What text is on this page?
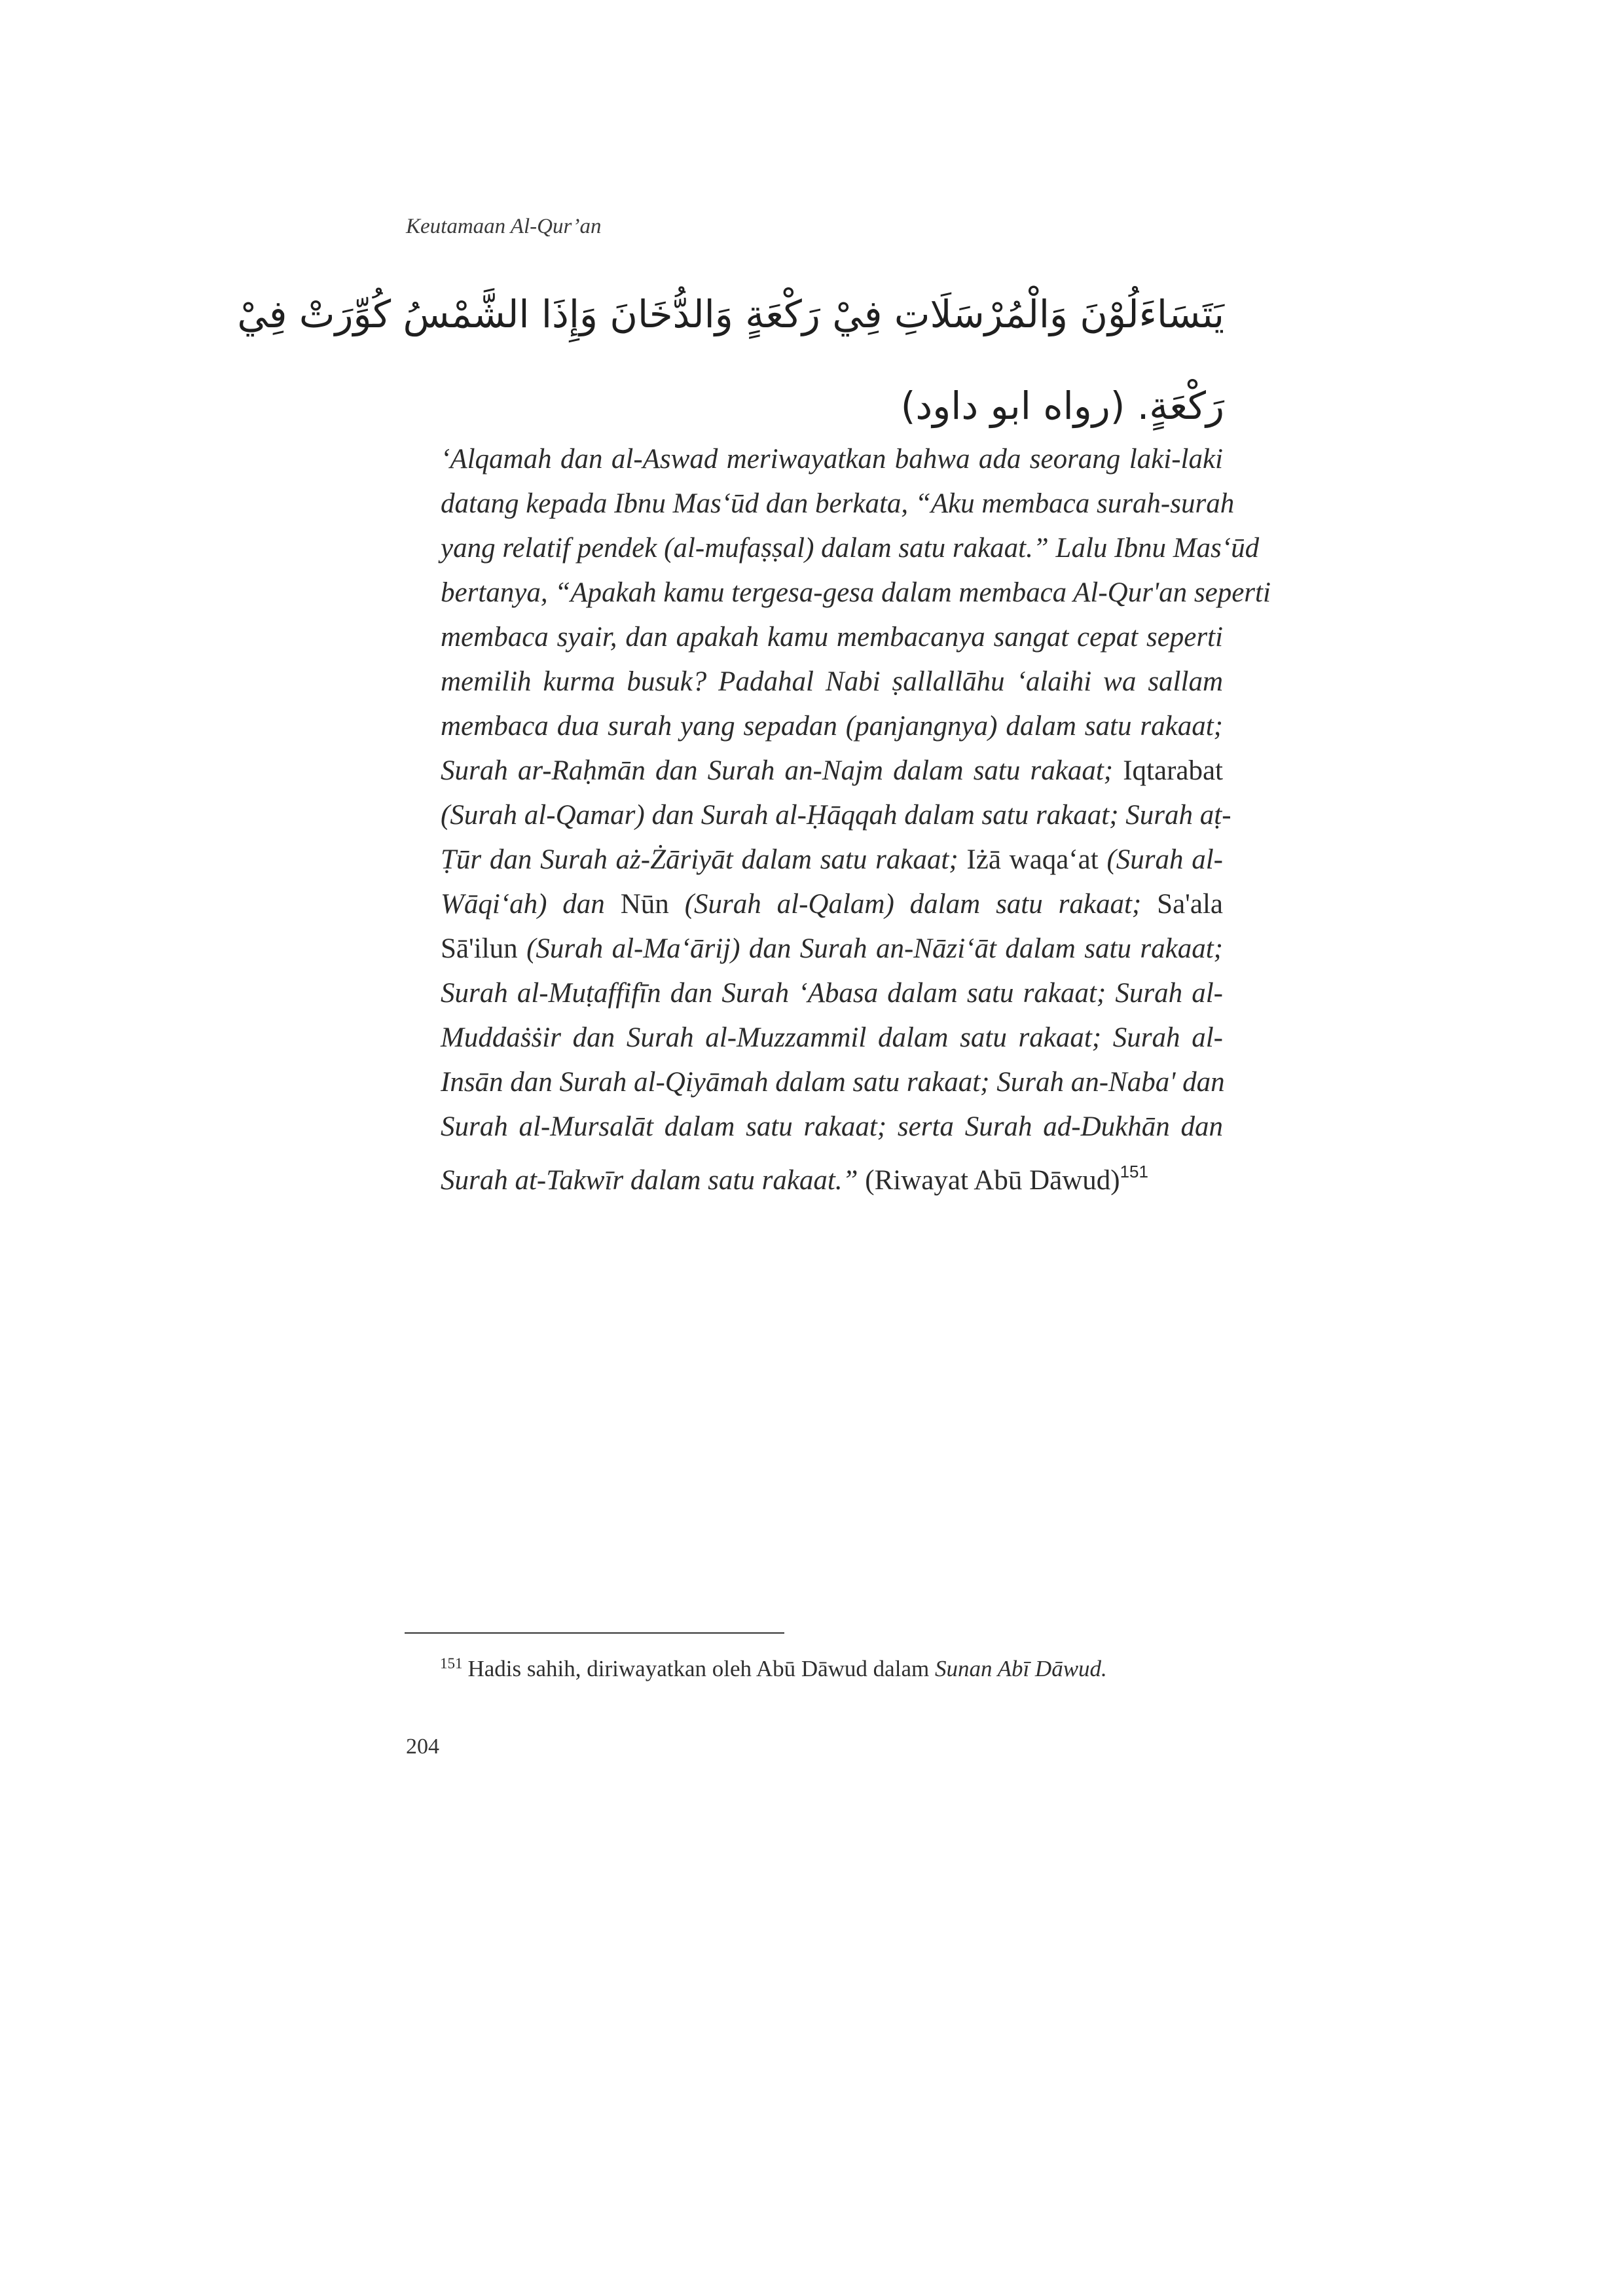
Keutamaan Al-Qur’an
يَتَسَاءَلُوْنَ وَالْمُرْسَلَاتِ فِيْ رَكْعَةٍ وَالدُّخَانَ وَإِذَا الشَّمْسُ كُوِّرَتْ فِيْ
رَكْعَةٍ. (رواه ابو داود)
‘Alqamah dan al-Aswad meriwayatkan bahwa ada seorang laki-laki
datang kepada Ibnu Mas‘ūd dan berkata, “Aku membaca surah-surah
yang relatif pendek (al-mufaṣṣal) dalam satu rakaat.” Lalu Ibnu Mas‘ūd
bertanya, “Apakah kamu tergesa-gesa dalam membaca Al-Qur'an seperti
membaca syair, dan apakah kamu membacanya sangat cepat seperti
memilih kurma busuk? Padahal Nabi ṣallallāhu ‘alaihi wa sallam
membaca dua surah yang sepadan (panjangnya) dalam satu rakaat;
Surah ar-Raḥmān dan Surah an-Najm dalam satu rakaat; Iqtarabat
(Surah al-Qamar) dan Surah al-Ḥāqqah dalam satu rakaat; Surah aṭ-
Ṭūr dan Surah aż-Żāriyāt dalam satu rakaat; Iżā waqa‘at (Surah al-
Wāqi‘ah) dan Nūn (Surah al-Qalam) dalam satu rakaat; Sa'ala
Sā'ilun (Surah al-Ma‘ārij) dan Surah an-Nāzi‘āt dalam satu rakaat;
Surah al-Muṭaffifīn dan Surah ‘Abasa dalam satu rakaat; Surah al-
Muddaṡṡir dan Surah al-Muzzammil dalam satu rakaat; Surah al-
Insān dan Surah al-Qiyāmah dalam satu rakaat; Surah an-Naba' dan
Surah al-Mursalāt dalam satu rakaat; serta Surah ad-Dukhān dan
Surah at-Takwīr dalam satu rakaat.” (Riwayat Abū Dāwud)$^{151}$
$^{151}$ Hadis sahih, diriwayatkan oleh Abū Dāwud dalam Sunan Abī Dāwud.
204
